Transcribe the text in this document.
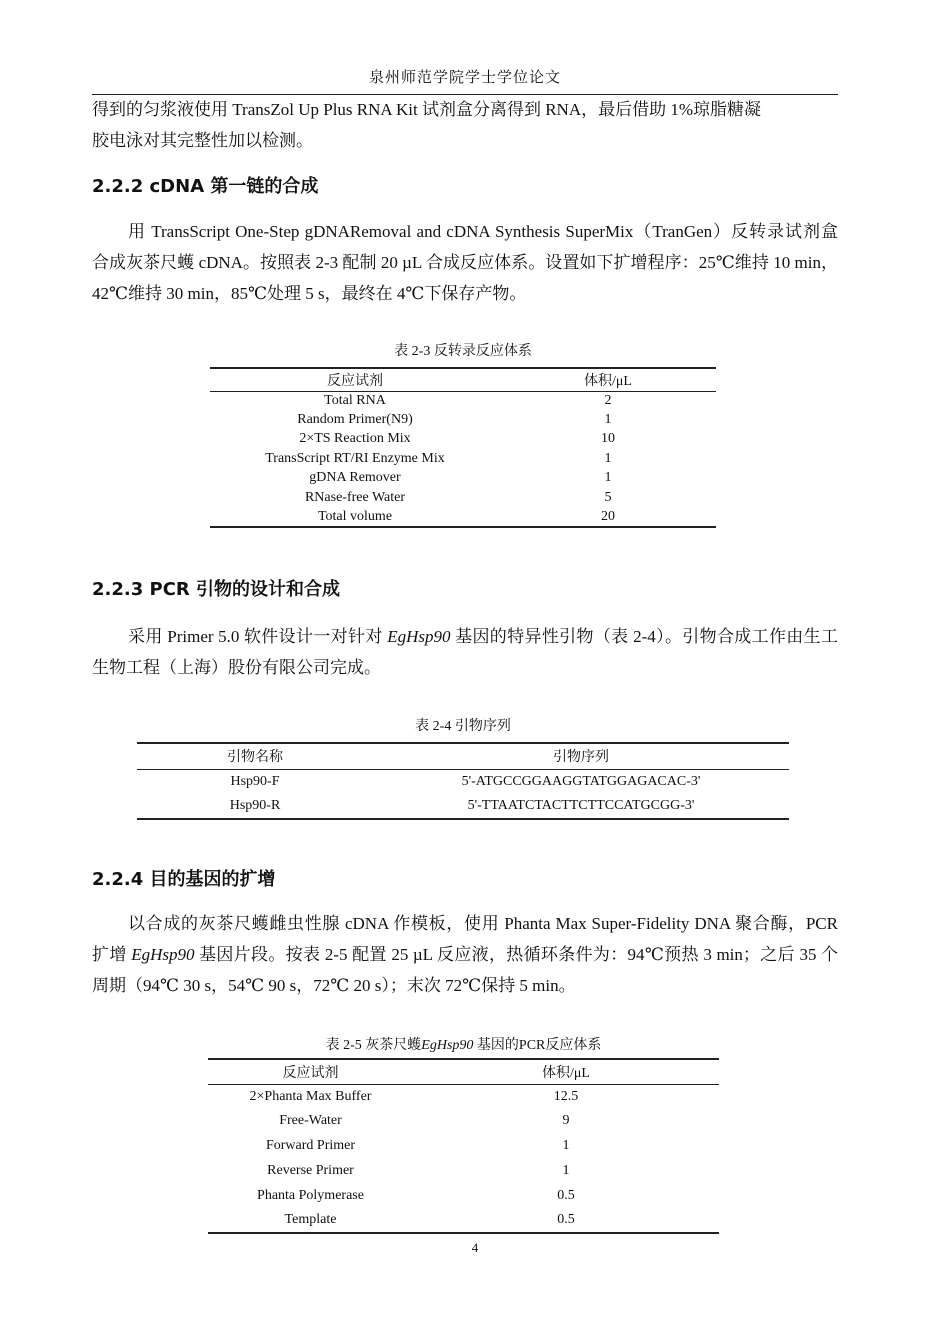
泉州师范学院学士学位论文
得到的匀浆液使用 TransZol Up Plus RNA Kit 试剂盒分离得到 RNA，最后借助 1%琼脂糖凝
胶电泳对其完整性加以检测。
2.2.2 cDNA 第一链的合成

用 TransScript One-Step gDNARemoval and cDNA Synthesis SuperMix（TranGen）反转录试剂盒合成灰茶尺蠖 cDNA。按照表 2-3 配制 20 µL 合成反应体系。设置如下扩增程序：25℃维持 10 min，42℃维持 30 min，85℃处理 5 s，最终在 4℃下保存产物。

表 2-3 反转录反应体系
反应试剂	体积/μL
Total RNA	2
Random Primer(N9)	1
2×TS Reaction Mix	10
TransScript RT/RI Enzyme Mix	1
gDNA Remover	1
RNase-free Water	5
Total volume	20
2.2.3 PCR 引物的设计和合成

采用 Primer 5.0 软件设计一对针对 EgHsp90 基因的特异性引物（表 2-4）。引物合成工作由生工生物工程（上海）股份有限公司完成。

表 2-4 引物序列
引物名称	引物序列
Hsp90-F	5'-ATGCCGGAAGGTATGGAGACAC-3'
Hsp90-R	5'-TTAATCTACTTCTTCCATGCGG-3'
2.2.4 目的基因的扩增

以合成的灰茶尺蠖雌虫性腺 cDNA 作模板，使用 Phanta Max Super-Fidelity DNA 聚合酶，PCR 扩增 EgHsp90 基因片段。按表 2-5 配置 25 µL 反应液，热循环条件为：94℃预热 3 min；之后 35 个周期（94℃ 30 s，54℃ 90 s，72℃ 20 s）；末次 72℃保持 5 min。

表 2-5 灰茶尺蠖EgHsp90 基因的PCR反应体系
反应试剂	体积/μL
2×Phanta Max Buffer	12.5
Free-Water	9
Forward Primer	1
Reverse Primer	1
Phanta Polymerase	0.5
Template	0.5
4
